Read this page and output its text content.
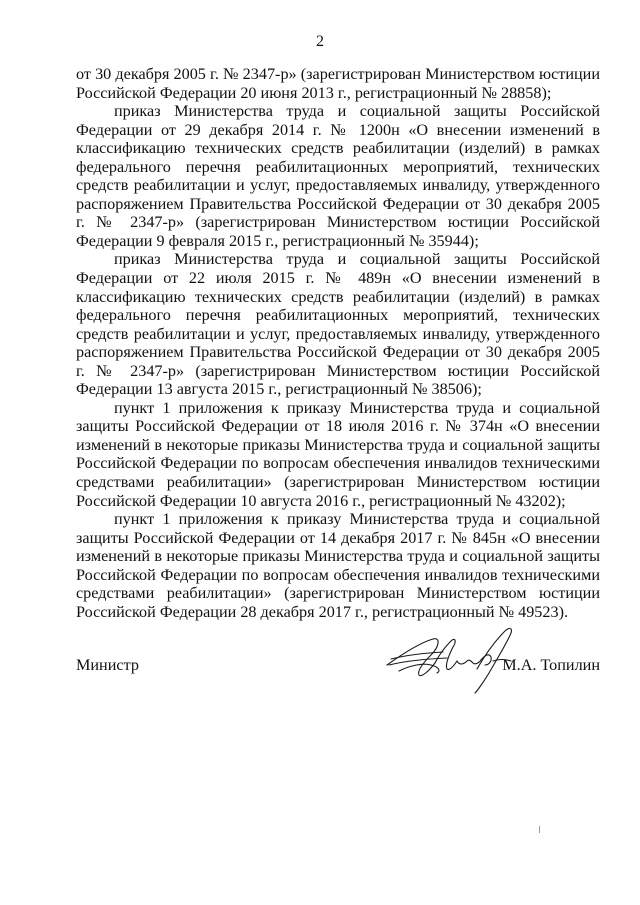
2

от 30 декабря 2005 г. № 2347-р» (зарегистрирован Министерством юстиции Российской Федерации 20 июня 2013 г., регистрационный № 28858);

приказ Министерства труда и социальной защиты Российской Федерации от 29 декабря 2014 г. № 1200н «О внесении изменений в классификацию технических средств реабилитации (изделий) в рамках федерального перечня реабилитационных мероприятий, технических средств реабилитации и услуг, предоставляемых инвалиду, утвержденного распоряжением Правительства Российской Федерации от 30 декабря 2005 г. № 2347-р» (зарегистрирован Министерством юстиции Российской Федерации 9 февраля 2015 г., регистрационный № 35944);

приказ Министерства труда и социальной защиты Российской Федерации от 22 июля 2015 г. № 489н «О внесении изменений в классификацию технических средств реабилитации (изделий) в рамках федерального перечня реабилитационных мероприятий, технических средств реабилитации и услуг, предоставляемых инвалиду, утвержденного распоряжением Правительства Российской Федерации от 30 декабря 2005 г. № 2347-р» (зарегистрирован Министерством юстиции Российской Федерации 13 августа 2015 г., регистрационный № 38506);

пункт 1 приложения к приказу Министерства труда и социальной защиты Российской Федерации от 18 июля 2016 г. № 374н «О внесении изменений в некоторые приказы Министерства труда и социальной защиты Российской Федерации по вопросам обеспечения инвалидов техническими средствами реабилитации» (зарегистрирован Министерством юстиции Российской Федерации 10 августа 2016 г., регистрационный № 43202);

пункт 1 приложения к приказу Министерства труда и социальной защиты Российской Федерации от 14 декабря 2017 г. № 845н «О внесении изменений в некоторые приказы Министерства труда и социальной защиты Российской Федерации по вопросам обеспечения инвалидов техническими средствами реабилитации» (зарегистрирован Министерством юстиции Российской Федерации 28 декабря 2017 г., регистрационный № 49523).

Министр	М.А. Топилин
